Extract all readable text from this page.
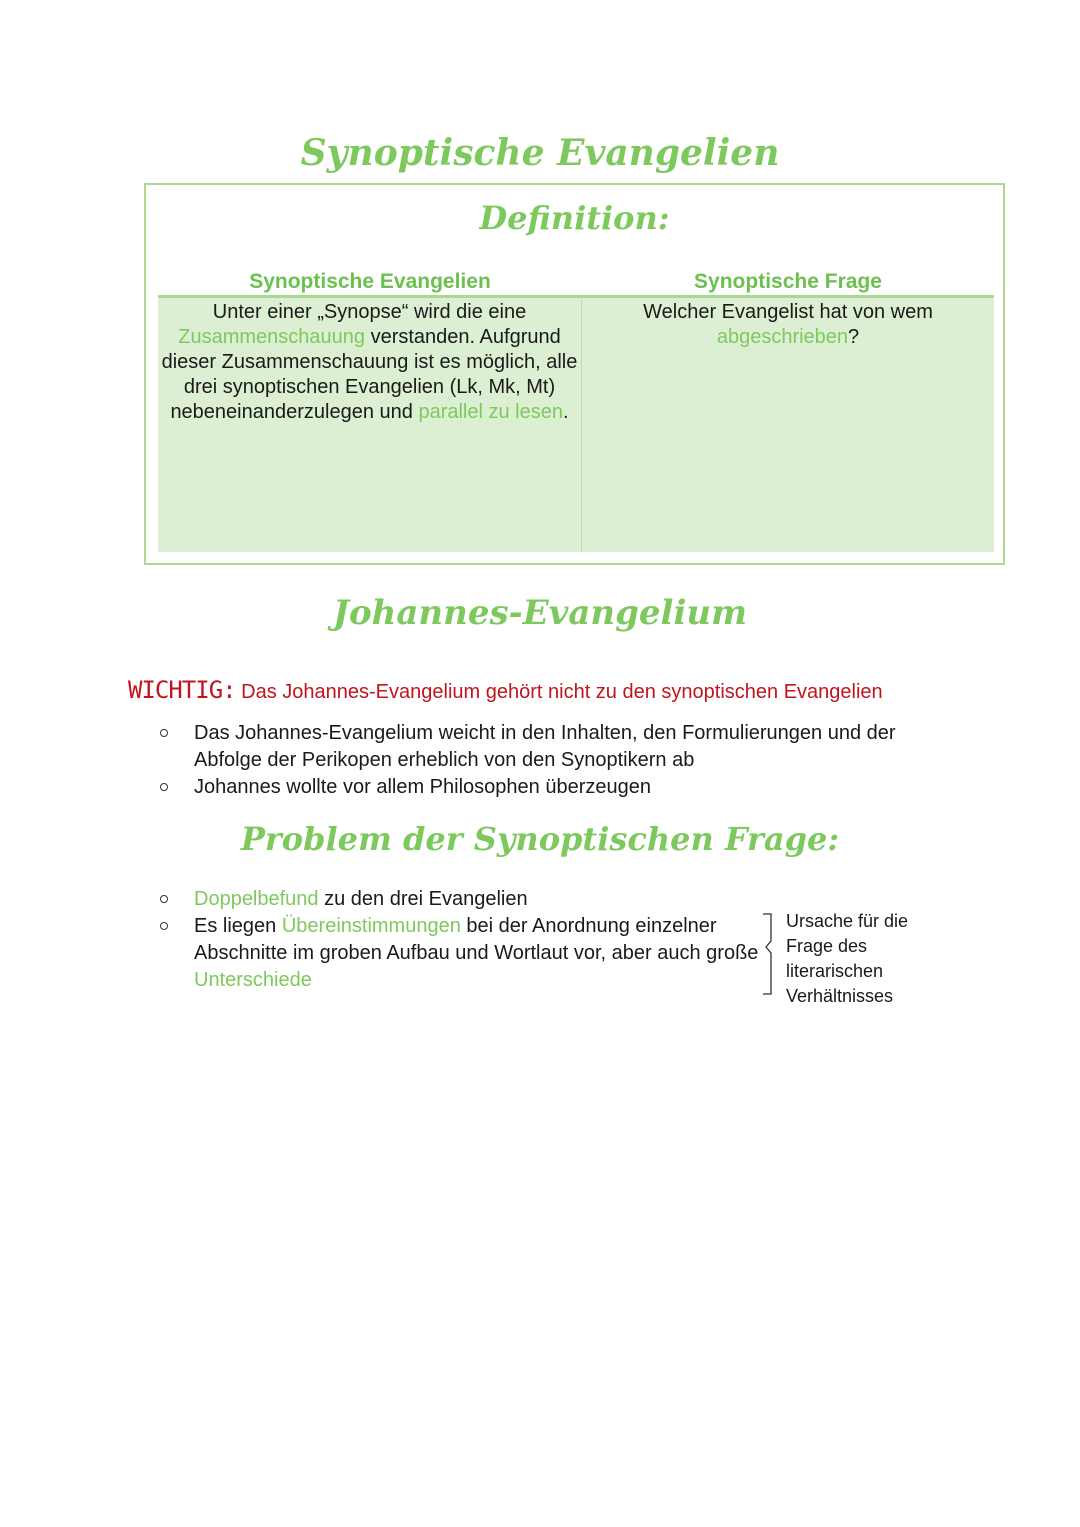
Synoptische Evangelien
Definition:
Synoptische Evangelien
Unter einer „Synopse“ wird die eine Zusammenschauung verstanden. Aufgrund dieser Zusammenschauung ist es möglich, alle drei synoptischen Evangelien (Lk, Mk, Mt) nebeneinanderzulegen und parallel zu lesen.
Synoptische Frage
Welcher Evangelist hat von wem abgeschrieben?
Johannes-Evangelium
WICHTIG: Das Johannes-Evangelium gehört nicht zu den synoptischen Evangelien
Das Johannes-Evangelium weicht in den Inhalten, den Formulierungen und der Abfolge der Perikopen erheblich von den Synoptikern ab
Johannes wollte vor allem Philosophen überzeugen
Problem der Synoptischen Frage:
Doppelbefund zu den drei Evangelien
Es liegen Übereinstimmungen bei der Anordnung einzelner Abschnitte im groben Aufbau und Wortlaut vor, aber auch große Unterschiede
Ursache für die Frage des literarischen Verhältnisses
